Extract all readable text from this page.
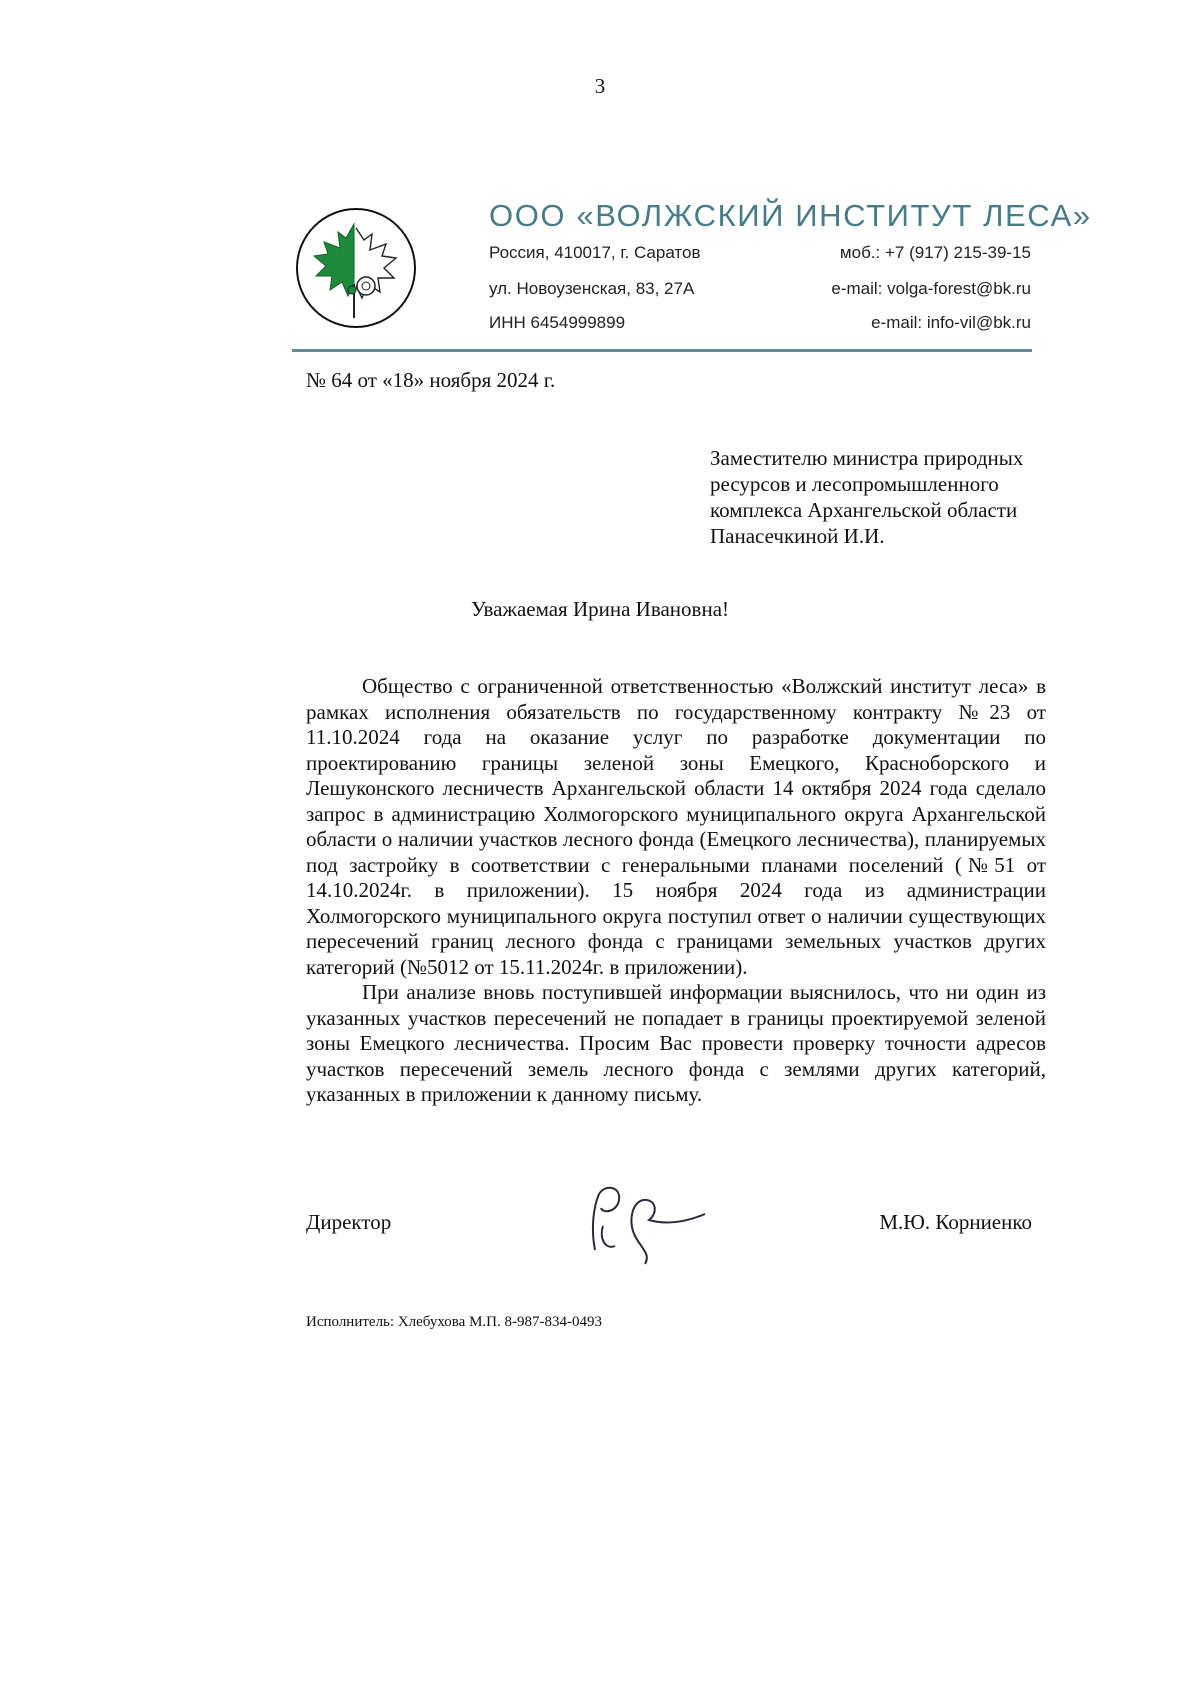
3
ООО «ВОЛЖСКИЙ ИНСТИТУТ ЛЕСА»
Россия, 410017, г. Саратов
ул. Новоузенская, 83, 27А
ИНН 6454999899
моб.: +7 (917) 215-39-15
e-mail: volga-forest@bk.ru
e-mail: info-vil@bk.ru
№ 64 от «18» ноября 2024 г.
Заместителю министра природных
ресурсов и лесопромышленного
комплекса Архангельской области
Панасечкиной И.И.
Уважаемая Ирина Ивановна!

Общество с ограниченной ответственностью «Волжский институт леса» в рамках исполнения обязательств по государственному контракту №23 от 11.10.2024 года на оказание услуг по разработке документации по проектированию границы зеленой зоны Емецкого, Красноборского и Лешуконского лесничеств Архангельской области 14 октября 2024 года сделало запрос в администрацию Холмогорского муниципального округа Архангельской области о наличии участков лесного фонда (Емецкого лесничества), планируемых под застройку в соответствии с генеральными планами поселений (№51 от 14.10.2024г. в приложении). 15 ноября 2024 года из администрации Холмогорского муниципального округа поступил ответ о наличии существующих пересечений границ лесного фонда с границами земельных участков других категорий (№5012 от 15.11.2024г. в приложении).

При анализе вновь поступившей информации выяснилось, что ни один из указанных участков пересечений не попадает в границы проектируемой зеленой зоны Емецкого лесничества. Просим Вас провести проверку точности адресов участков пересечений земель лесного фонда с землями других категорий, указанных в приложении к данному письму.

Директор	М.Ю. Корниенко
Исполнитель: Хлебухова М.П. 8-987-834-0493
